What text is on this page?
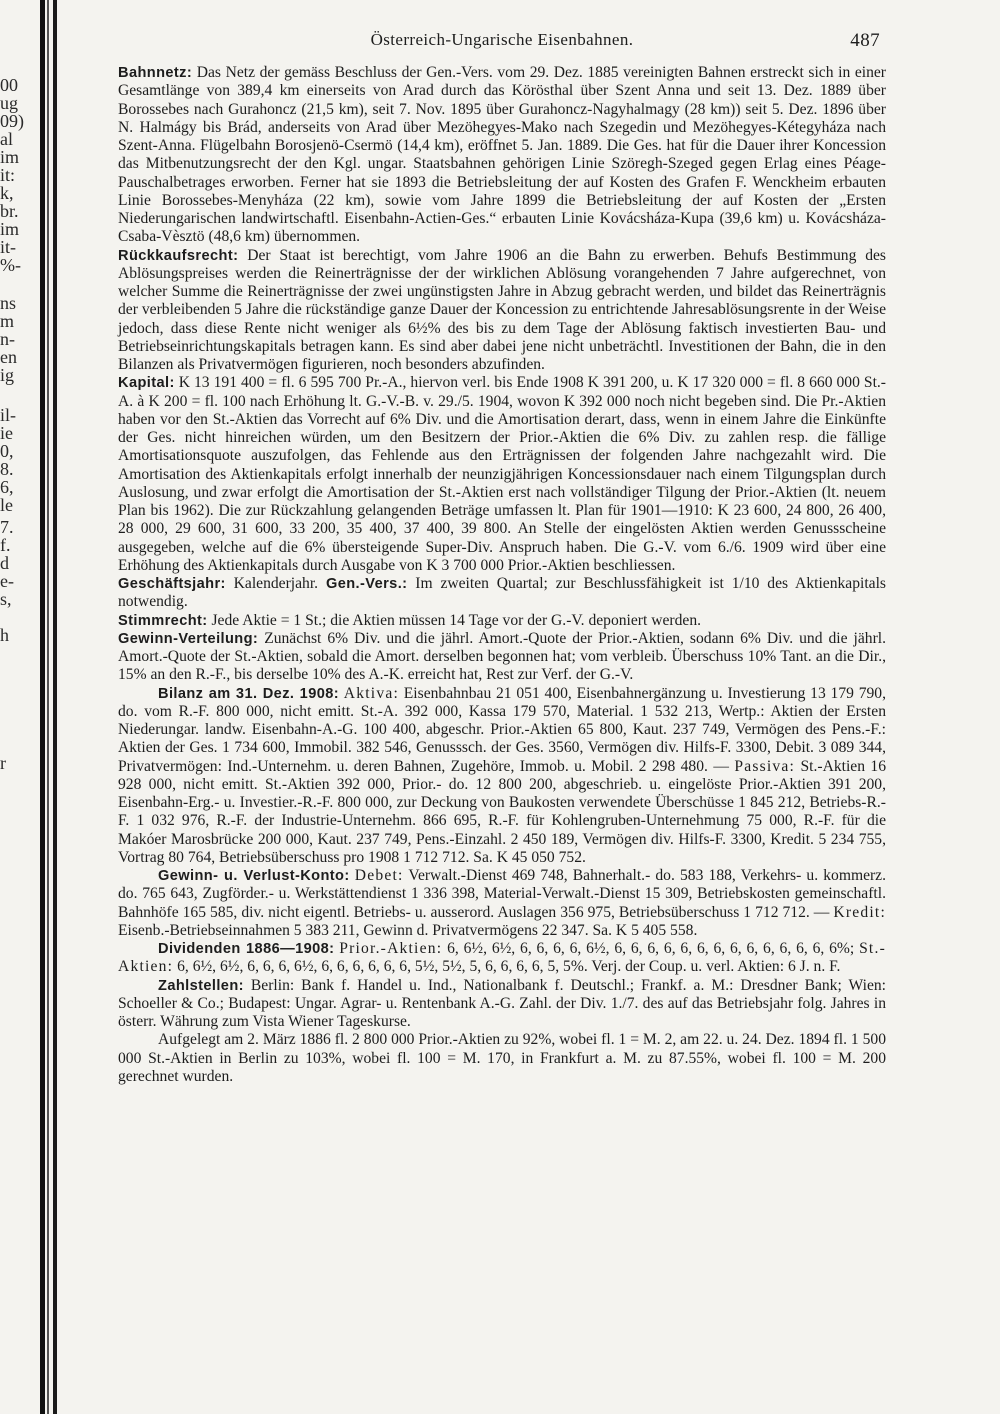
00
ug
09)
al
im
it:
k,
br.
im
it-
%-
ns
m
n-
en
ig
il-
ie
0,
8.
6,
le
7.
f.
d
e-
s,
h
r
Österreich-Ungarische Eisenbahnen.	487

Bahnnetz: Das Netz der gemäss Beschluss der Gen.-Vers. vom 29. Dez. 1885 vereinigten Bahnen erstreckt sich in einer Gesamtlänge von 389,4 km einerseits von Arad durch das Körösthal über Szent Anna und seit 13. Dez. 1889 über Borossebes nach Gurahoncz (21,5 km), seit 7. Nov. 1895 über Gurahoncz-Nagyhalmagy (28 km)) seit 5. Dez. 1896 über N. Halmágy bis Brád, anderseits von Arad über Mezöhegyes-Mako nach Szegedin und Mezöhegyes-Kétegyháza nach Szent-Anna. Flügelbahn Borosjenö-Csermö (14,4 km), eröffnet 5. Jan. 1889. Die Ges. hat für die Dauer ihrer Koncession das Mitbenutzungsrecht der den Kgl. ungar. Staatsbahnen gehörigen Linie Szöregh-Szeged gegen Erlag eines Péage-Pauschalbetrages erworben. Ferner hat sie 1893 die Betriebsleitung der auf Kosten des Grafen F. Wenckheim erbauten Linie Borossebes-Menyháza (22 km), sowie vom Jahre 1899 die Betriebsleitung der auf Kosten der „Ersten Niederungarischen landwirtschaftl. Eisenbahn-Actien-Ges.“ erbauten Linie Kovácsháza-Kupa (39,6 km) u. Kovácsháza-Csaba-Vèsztö (48,6 km) übernommen.

Rückkaufsrecht: Der Staat ist berechtigt, vom Jahre 1906 an die Bahn zu erwerben. Behufs Bestimmung des Ablösungspreises werden die Reinerträgnisse der der wirklichen Ablösung vorangehenden 7 Jahre aufgerechnet, von welcher Summe die Reinerträgnisse der zwei ungünstigsten Jahre in Abzug gebracht werden, und bildet das Reinerträgnis der verbleibenden 5 Jahre die rückständige ganze Dauer der Koncession zu entrichtende Jahresablösungsrente in der Weise jedoch, dass diese Rente nicht weniger als 6½% des bis zu dem Tage der Ablösung faktisch investierten Bau- und Betriebseinrichtungskapitals betragen kann. Es sind aber dabei jene nicht unbeträchtl. Investitionen der Bahn, die in den Bilanzen als Privatvermögen figurieren, noch besonders abzufinden.

Kapital: K 13 191 400 = fl. 6 595 700 Pr.-A., hiervon verl. bis Ende 1908 K 391 200, u. K 17 320 000 = fl. 8 660 000 St.-A. à K 200 = fl. 100 nach Erhöhung lt. G.-V.-B. v. 29./5. 1904, wovon K 392 000 noch nicht begeben sind. Die Pr.-Aktien haben vor den St.-Aktien das Vorrecht auf 6% Div. und die Amortisation derart, dass, wenn in einem Jahre die Einkünfte der Ges. nicht hinreichen würden, um den Besitzern der Prior.-Aktien die 6% Div. zu zahlen resp. die fällige Amortisationsquote auszufolgen, das Fehlende aus den Erträgnissen der folgenden Jahre nachgezahlt wird. Die Amortisation des Aktienkapitals erfolgt innerhalb der neunzigjährigen Koncessionsdauer nach einem Tilgungsplan durch Auslosung, und zwar erfolgt die Amortisation der St.-Aktien erst nach vollständiger Tilgung der Prior.-Aktien (lt. neuem Plan bis 1962). Die zur Rückzahlung gelangenden Beträge umfassen lt. Plan für 1901—1910: K 23 600, 24 800, 26 400, 28 000, 29 600, 31 600, 33 200, 35 400, 37 400, 39 800. An Stelle der eingelösten Aktien werden Genussscheine ausgegeben, welche auf die 6% übersteigende Super-Div. Anspruch haben. Die G.-V. vom 6./6. 1909 wird über eine Erhöhung des Aktienkapitals durch Ausgabe von K 3 700 000 Prior.-Aktien beschliessen.

Geschäftsjahr: Kalenderjahr. Gen.-Vers.: Im zweiten Quartal; zur Beschlussfähigkeit ist 1/10 des Aktienkapitals notwendig.

Stimmrecht: Jede Aktie = 1 St.; die Aktien müssen 14 Tage vor der G.-V. deponiert werden.

Gewinn-Verteilung: Zunächst 6% Div. und die jährl. Amort.-Quote der Prior.-Aktien, sodann 6% Div. und die jährl. Amort.-Quote der St.-Aktien, sobald die Amort. derselben begonnen hat; vom verbleib. Überschuss 10% Tant. an die Dir., 15% an den R.-F., bis derselbe 10% des A.-K. erreicht hat, Rest zur Verf. der G.-V.

Bilanz am 31. Dez. 1908: Aktiva: Eisenbahnbau 21 051 400, Eisenbahnergänzung u. Investierung 13 179 790, do. vom R.-F. 800 000, nicht emitt. St.-A. 392 000, Kassa 179 570, Material. 1 532 213, Wertp.: Aktien der Ersten Niederungar. landw. Eisenbahn-A.-G. 100 400, abgeschr. Prior.-Aktien 65 800, Kaut. 237 749, Vermögen des Pens.-F.: Aktien der Ges. 1 734 600, Immobil. 382 546, Genusssch. der Ges. 3560, Vermögen div. Hilfs-F. 3300, Debit. 3 089 344, Privatvermögen: Ind.-Unternehm. u. deren Bahnen, Zugehöre, Immob. u. Mobil. 2 298 480. — Passiva: St.-Aktien 16 928 000, nicht emitt. St.-Aktien 392 000, Prior.- do. 12 800 200, abgeschrieb. u. eingelöste Prior.-Aktien 391 200, Eisenbahn-Erg.- u. Investier.-R.-F. 800 000, zur Deckung von Baukosten verwendete Überschüsse 1 845 212, Betriebs-R.-F. 1 032 976, R.-F. der Industrie-Unternehm. 866 695, R.-F. für Kohlengruben-Unternehmung 75 000, R.-F. für die Makóer Marosbrücke 200 000, Kaut. 237 749, Pens.-Einzahl. 2 450 189, Vermögen div. Hilfs-F. 3300, Kredit. 5 234 755, Vortrag 80 764, Betriebsüberschuss pro 1908 1 712 712. Sa. K 45 050 752.

Gewinn- u. Verlust-Konto: Debet: Verwalt.-Dienst 469 748, Bahnerhalt.- do. 583 188, Verkehrs- u. kommerz. do. 765 643, Zugförder.- u. Werkstättendienst 1 336 398, Material-Verwalt.-Dienst 15 309, Betriebskosten gemeinschaftl. Bahnhöfe 165 585, div. nicht eigentl. Betriebs- u. ausserord. Auslagen 356 975, Betriebsüberschuss 1 712 712. — Kredit: Eisenb.-Betriebseinnahmen 5 383 211, Gewinn d. Privatvermögens 22 347. Sa. K 5 405 558.

Dividenden 1886—1908: Prior.-Aktien: 6, 6½, 6½, 6, 6, 6, 6, 6½, 6, 6, 6, 6, 6, 6, 6, 6, 6, 6, 6, 6, 6, 6%; St.-Aktien: 6, 6½, 6½, 6, 6, 6, 6½, 6, 6, 6, 6, 6, 6, 5½, 5½, 5, 6, 6, 6, 6, 5, 5%. Verj. der Coup. u. verl. Aktien: 6 J. n. F.

Zahlstellen: Berlin: Bank f. Handel u. Ind., Nationalbank f. Deutschl.; Frankf. a. M.: Dresdner Bank; Wien: Schoeller & Co.; Budapest: Ungar. Agrar- u. Rentenbank A.-G. Zahl. der Div. 1./7. des auf das Betriebsjahr folg. Jahres in österr. Währung zum Vista Wiener Tageskurse.

Aufgelegt am 2. März 1886 fl. 2 800 000 Prior.-Aktien zu 92%, wobei fl. 1 = M. 2, am 22. u. 24. Dez. 1894 fl. 1 500 000 St.-Aktien in Berlin zu 103%, wobei fl. 100 = M. 170, in Frankfurt a. M. zu 87.55%, wobei fl. 100 = M. 200 gerechnet wurden.
